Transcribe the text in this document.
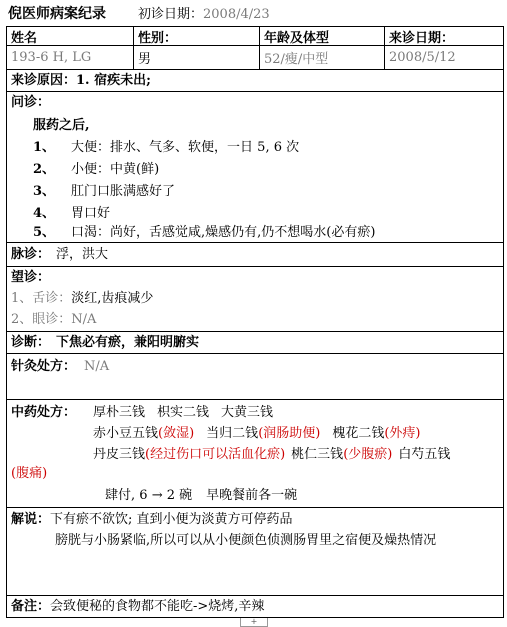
倪医师病案纪录 初诊日期：2008/4/23
姓名	性别：	年龄及体型	来诊日期：
193-6 H, LG	男	52/瘦/中型	2008/5/12
来诊原因：1. 宿疾未出;
问诊：
服药之后,
1、 大便：排水、气多、软便，一日 5, 6 次
2、 小便：中黄(鲜)
3、 肛门口胀满感好了
4、 胃口好
5、 口渴：尚好，舌感觉咸,燥感仍有,仍不想喝水(必有瘀)
脉诊： 浮，洪大
望诊：
1、舌诊：淡红,齿痕减少
2、眼诊：N/A
诊断： 下焦必有瘀，兼阳明腑实
针灸处方： N/A
中药处方： 厚朴三钱 枳实二钱 大黄三钱
赤小豆五钱(敛湿) 当归二钱(润肠助便) 槐花二钱(外痔)
丹皮三钱(经过伤口可以活血化瘀) 桃仁三钱(少腹瘀) 白芍五钱
(腹痛)
肆付, 6 → 2 碗 早晚餐前各一碗
解说：下有瘀不欲饮; 直到小便为淡黄方可停药品
膀胱与小肠紧临,所以可以从小便颜色侦测肠胃里之宿便及燥热情况
备注：会致便秘的食物都不能吃->烧烤,辛辣
+
